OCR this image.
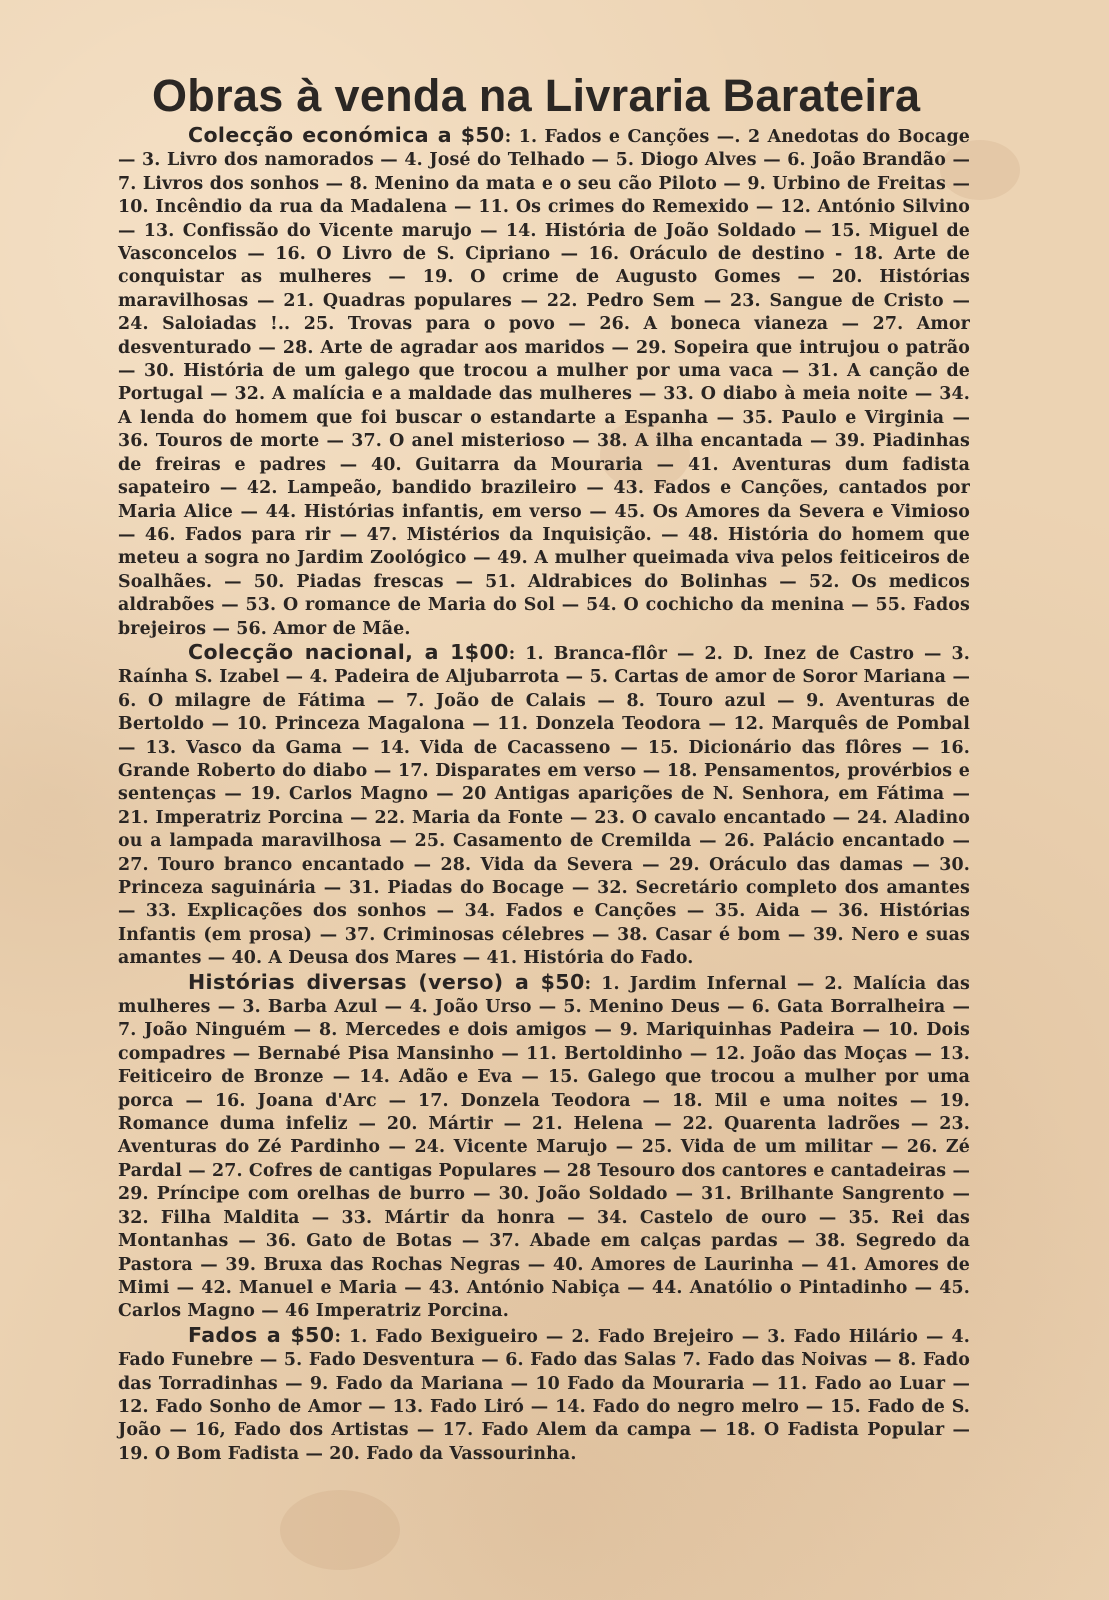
Obras à venda na Livraria Barateira

Colecção económica a $50: 1. Fados e Canções —. 2 Anedotas do Bocage — 3. Livro dos namorados — 4. José do Telhado — 5. Diogo Alves — 6. João Brandão — 7. Livros dos sonhos — 8. Menino da mata e o seu cão Piloto — 9. Urbino de Freitas — 10. Incêndio da rua da Madalena — 11. Os crimes do Remexido — 12. António Silvino — 13. Confissão do Vicente marujo — 14. História de João Soldado — 15. Miguel de Vasconcelos — 16. O Livro de S. Cipriano — 16. Oráculo de destino - 18. Arte de conquistar as mulheres — 19. O crime de Augusto Gomes — 20. Histórias maravilhosas — 21. Quadras populares — 22. Pedro Sem — 23. Sangue de Cristo — 24. Saloiadas !.. 25. Trovas para o povo — 26. A boneca vianeza — 27. Amor desventurado — 28. Arte de agradar aos maridos — 29. Sopeira que intrujou o patrão — 30. História de um galego que trocou a mulher por uma vaca — 31. A canção de Portugal — 32. A malícia e a maldade das mulheres — 33. O diabo à meia noite — 34. A lenda do homem que foi buscar o estandarte a Espanha — 35. Paulo e Virginia — 36. Touros de morte — 37. O anel misterioso — 38. A ilha encantada — 39. Piadinhas de freiras e padres — 40. Guitarra da Mouraria — 41. Aventuras dum fadista sapateiro — 42. Lampeão, bandido brazileiro — 43. Fados e Canções, cantados por Maria Alice — 44. Histórias infantis, em verso — 45. Os Amores da Severa e Vimioso — 46. Fados para rir — 47. Mistérios da Inquisição. — 48. História do homem que meteu a sogra no Jardim Zoológico — 49. A mulher queimada viva pelos feiticeiros de Soalhães. — 50. Piadas frescas — 51. Aldrabices do Bolinhas — 52. Os medicos aldrabões — 53. O romance de Maria do Sol — 54. O cochicho da menina — 55. Fados brejeiros — 56. Amor de Mãe.

Colecção nacional, a 1$00: 1. Branca-flôr — 2. D. Inez de Castro — 3. Raínha S. Izabel — 4. Padeira de Aljubarrota — 5. Cartas de amor de Soror Mariana — 6. O milagre de Fátima — 7. João de Calais — 8. Touro azul — 9. Aventuras de Bertoldo — 10. Princeza Magalona — 11. Donzela Teodora — 12. Marquês de Pombal — 13. Vasco da Gama — 14. Vida de Cacasseno — 15. Dicionário das flôres — 16. Grande Roberto do diabo — 17. Disparates em verso — 18. Pensamentos, provérbios e sentenças — 19. Carlos Magno — 20 Antigas aparições de N. Senhora, em Fátima — 21. Imperatriz Porcina — 22. Maria da Fonte — 23. O cavalo encantado — 24. Aladino ou a lampada maravilhosa — 25. Casamento de Cremilda — 26. Palácio encantado — 27. Touro branco encantado — 28. Vida da Severa — 29. Oráculo das damas — 30. Princeza saguinária — 31. Piadas do Bocage — 32. Secretário completo dos amantes — 33. Explicações dos sonhos — 34. Fados e Canções — 35. Aida — 36. Histórias Infantis (em prosa) — 37. Criminosas célebres — 38. Casar é bom — 39. Nero e suas amantes — 40. A Deusa dos Mares — 41. História do Fado.

Histórias diversas (verso) a $50: 1. Jardim Infernal — 2. Malícia das mulheres — 3. Barba Azul — 4. João Urso — 5. Menino Deus — 6. Gata Borralheira — 7. João Ninguém — 8. Mercedes e dois amigos — 9. Mariquinhas Padeira — 10. Dois compadres — Bernabé Pisa Mansinho — 11. Bertoldinho — 12. João das Moças — 13. Feiticeiro de Bronze — 14. Adão e Eva — 15. Galego que trocou a mulher por uma porca — 16. Joana d'Arc — 17. Donzela Teodora — 18. Mil e uma noites — 19. Romance duma infeliz — 20. Mártir — 21. Helena — 22. Quarenta ladrões — 23. Aventuras do Zé Pardinho — 24. Vicente Marujo — 25. Vida de um militar — 26. Zé Pardal — 27. Cofres de cantigas Populares — 28 Tesouro dos cantores e cantadeiras — 29. Príncipe com orelhas de burro — 30. João Soldado — 31. Brilhante Sangrento — 32. Filha Maldita — 33. Mártir da honra — 34. Castelo de ouro — 35. Rei das Montanhas — 36. Gato de Botas — 37. Abade em calças pardas — 38. Segredo da Pastora — 39. Bruxa das Rochas Negras — 40. Amores de Laurinha — 41. Amores de Mimi — 42. Manuel e Maria — 43. António Nabiça — 44. Anatólio o Pintadinho — 45. Carlos Magno — 46 Imperatriz Porcina.

Fados a $50: 1. Fado Bexigueiro — 2. Fado Brejeiro — 3. Fado Hilário — 4. Fado Funebre — 5. Fado Desventura — 6. Fado das Salas 7. Fado das Noivas — 8. Fado das Torradinhas — 9. Fado da Mariana — 10 Fado da Mouraria — 11. Fado ao Luar — 12. Fado Sonho de Amor — 13. Fado Liró — 14. Fado do negro melro — 15. Fado de S. João — 16, Fado dos Artistas — 17. Fado Alem da campa — 18. O Fadista Popular — 19. O Bom Fadista — 20. Fado da Vassourinha.
